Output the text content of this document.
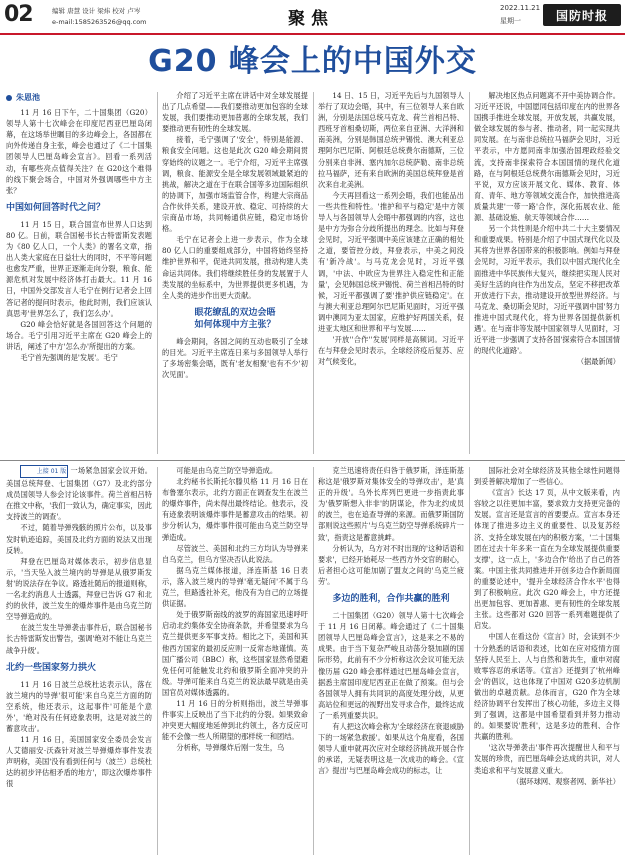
02	编辑 唐慧 设计 梁炜 校对 卢岑
e-mail:1585263526@qq.com	聚焦
2022.11.21
星期一	国防时报
G20 峰会上的中国外交
朱恩池

11 月 16 日下午，二十国集团（G20）领导人第十七次峰会在印度尼西亚巴厘岛闭幕，在这场举世瞩目的多边峰会上，各国都在向外传递自身主张，峰会也通过了《二十国集团领导人巴厘岛峰会宣言》。回看一系列活动，有哪些亮点值得关注？在 G20这个难得的线下聚会场合，中国对外强调哪些中方主张？

中国如何回答时代之问？

11 月 15 日，联合国宣布世界人口达到 80 亿。日前，联合国秘书长古特雷斯发表题为《80 亿人口，一个人类》的署名文章，指出人类大家庭在日益壮大的同时，不平等问题也愈发严重，世界正逐渐走向分裂，粮食、能源危机对发展中经济体打击最大。11 月 16 日，中国外交部发言人毛宁在例行记者会上回答记者的提问时表示，他此时则，我们应该认真思考'世界怎么了，我们怎么办'。

G20 峰会恰好就是各国回答这个问题的场合。毛宁引用习近平主席在 G20 峰会上的讲话，阐述了中方'怎么办'所提出的方案。

毛宁首先强调的是'发展'。毛宁

介绍了习近平主席在讲话中对全球发展提出了几点希望——我们要推动更加包容的全球发展，我们要推动更加普惠的全球发展，我们要推动更有韧性的全球发展。

接着，毛宁强调了'安全'，特别是能源、粮食安全问题。这也是此次 G20 峰会期间贯穿始终的议题之一。毛宁介绍，习近平主席强调，粮食、能源安全是全球发展领域最紧迫的挑战，解决之道在于在联合国等多边国际组织的协调下，加强市场监管合作，构建大宗商品合作伙伴关系，建设开放、稳定、可持续的大宗商品市场，共同畅通供应链，稳定市场价格。

毛宁在记者会上进一步表示，作为全球 80 亿人口的重要组成部分，中国将始终坚持维护世界和平，促进共同发展，推动构建人类命运共同体。我们将继续胜任身的发展置于人类发展的坐标系中，为世界提供更多机遇，为全人类的进步作出更大贡献。

眼花缭乱的双边会晤
如何体现中方主张？

峰会期间，各国之间的互动也吸引了全球的目光。习近平主席连日来与多国领导人举行了多场密集会晤，既有'老友相聚'也有不少'初次见面'。

14 日、15 日，习近平先后与九国领导人举行了双边会晤，其中，有三位领导人来自欧洲，分别是法国总统马克龙、荷兰首相吕特、西班牙首相桑切斯，两位来自亚洲、大洋洲和南美洲，分别是韩国总统尹锡悦、澳大利亚总理阿尔巴尼斯、阿根廷总统费尔南德斯，三位分别来自非洲、塞内加尔总统萨勒、南非总统拉马福萨，还有来自欧洲的美国总统拜登是首次来自北美洲。

今天再回看这一系列会晤，我们也能品出一些共性和特性。'推护和平与稳定'是中方领导人与各国领导人会晤中都强调的内容，这也是中方为弥合分歧所提出的理念。比如与拜登会见时，习近平强调中美应该建立正确的相处之道，要管控分歧，拜登表示，中美之间没有'新冷战'。与马克龙会见时，习近平强调，'中法、中欧应为世界注入稳定性和正能量'，会见韩国总统尹锡悦、荷兰首相吕特的时候，习近平都强调了要'推护供应链稳定'。在与澳大利亚总理阿尔巴尼斯见面时，习近平强调中澳同为亚太国家，应维护好两国关系，促进亚太地区和世界和平与发展……

'开放''合作''发展'同样是高频词。习近平在与拜登会见时表示，全球经济疫后复苏、应对气候变化，

解决地区热点问题离不开中美协调合作。习近平还说，中国愿同包括印度在内的世界各国携手推进全球发展，开放发展，共赢发展，做全球发展的参与者、推动者，同一起实现共同发展。在与南非总统拉马福萨会见时，习近平表示，中方愿同南非加强治国理政经验交流，支持南非探索符合本国国情的现代化道路，在与阿根廷总统费尔南德斯会见时，习近平说，双方应该开展文化、媒体、教育、体育、青年、地方等领域交流合作，加快推进高质量共建'一带一路'合作，深化拓展农业、能源、基础设施、航天等领域合作……

另一个共性则是介绍中共二十大主要情况和重要成果。特别是介绍了中国式现代化以及其将为世界各国带来的积极影响。例如与拜登会见时，习近平表示，我们以中国式现代化全面推进中华民族伟大复兴，继续把实现人民对美好生活的向往作为出发点，坚定不移把改革开放进行下去，推动建设开放型世界经济。与马克龙、桑切斯会见时，习近平强调中国'努力推进中国式现代化，将为世界各国提供新机遇'。在与南非等发展中国家领导人见面时，习近平进一步强调了支持各国'探索符合本国国情的现代化道路'。

（据最新闻）

上接 01 版 一场紧急国家会议开始。美国总统拜登、七国集团（G7）及北约部分成员国领导人参会讨论该事件。荷兰首相吕特在推文中称，'我们一致认为，确定事实，因此支持波兰的调查'。

不过，随着导弹残骸的照片公布，以及事发时轨迹追踪，美国及北约方面的说法又出现反转。

拜登在巴厘岛对媒体表示，初步信息显示，'当天坠入波兰境内的导弹是从俄罗斯发射'的说法存在争议。路透社随后的报道则称，一名北约消息人士透露，拜登已告诉 G7 和北约的伙伴，波兰发生的爆炸事件是由乌克兰防空导弹造成的。

在波兰发生导弹袭击事件后，联合国秘书长古特雷斯发出警告，强调'绝对不能让乌克兰战争升级'。

北约一些国家努力拱火

11 月 16 日波兰总统杜达表示认，落在波兰境内的导弹'很可能'来自乌克兰方面的防空系统，他还表示，这起事件'可能是个意外'，'绝对没有任何迹象表明，这是对波兰的蓄意攻击'。

11 月 16 日，美国国家安全委员会发言人艾德丽安·沃森针对波兰导弹爆炸事件发表声明称，美国'没有看到任何与（波兰）总统杜达的初步评估相矛盾的地方'，即这次爆炸事件很

可能是由乌克兰防空导弹造成。

北约秘书长斯托尔滕贝格 11 月 16 日在布鲁塞尔表示，北约方面正在调查发生在波兰的爆炸事件，尚未得出最终结论。他表示，没有迹象表明该爆炸事件是蓄意攻击的结果。初步分析认为，爆炸事件很可能由乌克兰防空导弹造成。

尽管波兰、美国和北约三方均认为导弹来自乌克兰，但乌方坚决否认此说法。

据乌克兰媒体报道，泽连斯基 16 日表示，落入波兰境内的导弹'毫无疑问'不属于乌克兰，但路透社补充，他没有为自己的立场提供证据。

处于俄罗斯南线的波罗的海国家迅速呼吁启动北约集体安全协商条款，并希望要求为乌克兰提供更多军事支持。相比之下，美国和其他西方国家的最初反应则一反常态地谨慎。英国广播公司（BBC）称，这些国家显然希望避免任何可能触发北约和俄罗斯全面冲突的升级。导弹可能来自乌克兰的说法最早就是由美国官员对媒体透露的。

11 月 16 日的分析则指出，波兰导弹事件事实上反映出了当下北约的分裂。如果致命冲突更大幅度地延伸到北约领土，各方反应可能不会像一些人所期望的那样统一和团结。

分析称，导弹爆炸后刚一发生，乌

克兰迅速将责任归咎于俄罗斯，泽连斯基称这是'俄罗斯对集体安全的导弹攻击'，是'真正的升级'。乌外长库列巴更进一步指责此事为'俄罗斯想入非非'的阴谋论，作为北约成员的波兰，也在追查导弹的来源。而俄罗斯国防部则说这些照片'与乌克兰防空导弹系统碎片一致'，指责这是蓄意挑衅。

分析认为，乌方对不时出现的'这种话语和要求'，已经开始耗尽一些西方外交官的耐心，后者担心这可能加剧了盟友之间的'乌克兰疲劳'。

多边的胜利，合作共赢的胜利

二十国集团（G20）领导人第十七次峰会于 11 月 16 日闭幕。峰会通过了《二十国集团领导人巴厘岛峰会宣言》，这是来之不易的成果。由于当下复杂严峻且动荡分裂加剧的国际形势，此前有不少分析称这次会议可能无法像历届 G20 峰会那样通过巴厘岛峰会宣言，据悉主席国印度尼西亚正在做了预案。但与会各国领导人拥有共同识的高度处理分歧，从更高站位和更远的视野出发寻求合作，最终达成了一系列重要共识。

有人把这次峰会称为'全球经济在衰退威胁下的一场紧急救援'。如果从这个角度看，各国领导人重申就再次应对全球经济挑战开展合作的承诺，无疑表明这是一次成功的峰会。《宣言》提出'与巴厘岛峰会成功的标志，让

国际社会对全球经济及其他全球性问题得到妥善解决增加了一些信心。

《宣言》长达 17 页，从中文版来看，内容较之以往更加丰富，要求致力支持更完备的发展。宣言还是宣言的首要要点。宣言本身还体现了推进多边主义的重要性、以及复苏经济、支持全球发展在内的积极方案，'二十国集团在过去十年多来一直在为全球发展提供重要支撑'，这一点上，'多边合作'给出了自己的答案。中国主张共同推进并开创多边合作新局面的重要论述中，'提升全球经济合作水平'也得到了积极响应。此次 G20 峰会上，中方还提出更加包容、更加普惠、更有韧性的全球发展主张。这些都对 G20 回答一系列难题提供了启发。

中国人在看这份《宣言》时，会读到不少十分熟悉的话语和表述，比如在应对疫情方面坚持人民至上、人与自然和谐共生，重申对腐败零容忍的承诺等。《宣言》还提到了'杭州峰会'的倡议，这也体现了中国对 G20多边机制做出的卓越贡献。总体而言，G20 作为全球经济协调平台发挥出了核心功能，多边主义得到了强调，这都是中国希望看到并努力推动的。如果要说'胜利'，这是多边的胜利、合作共赢的胜利。

'这次导弹袭击'事件再次提醒世人和平与发展的珍贵，而巴厘岛峰会达成的共识，对人类追求和平与发展意义重大。

（据环球网、观察者网、新华社）
